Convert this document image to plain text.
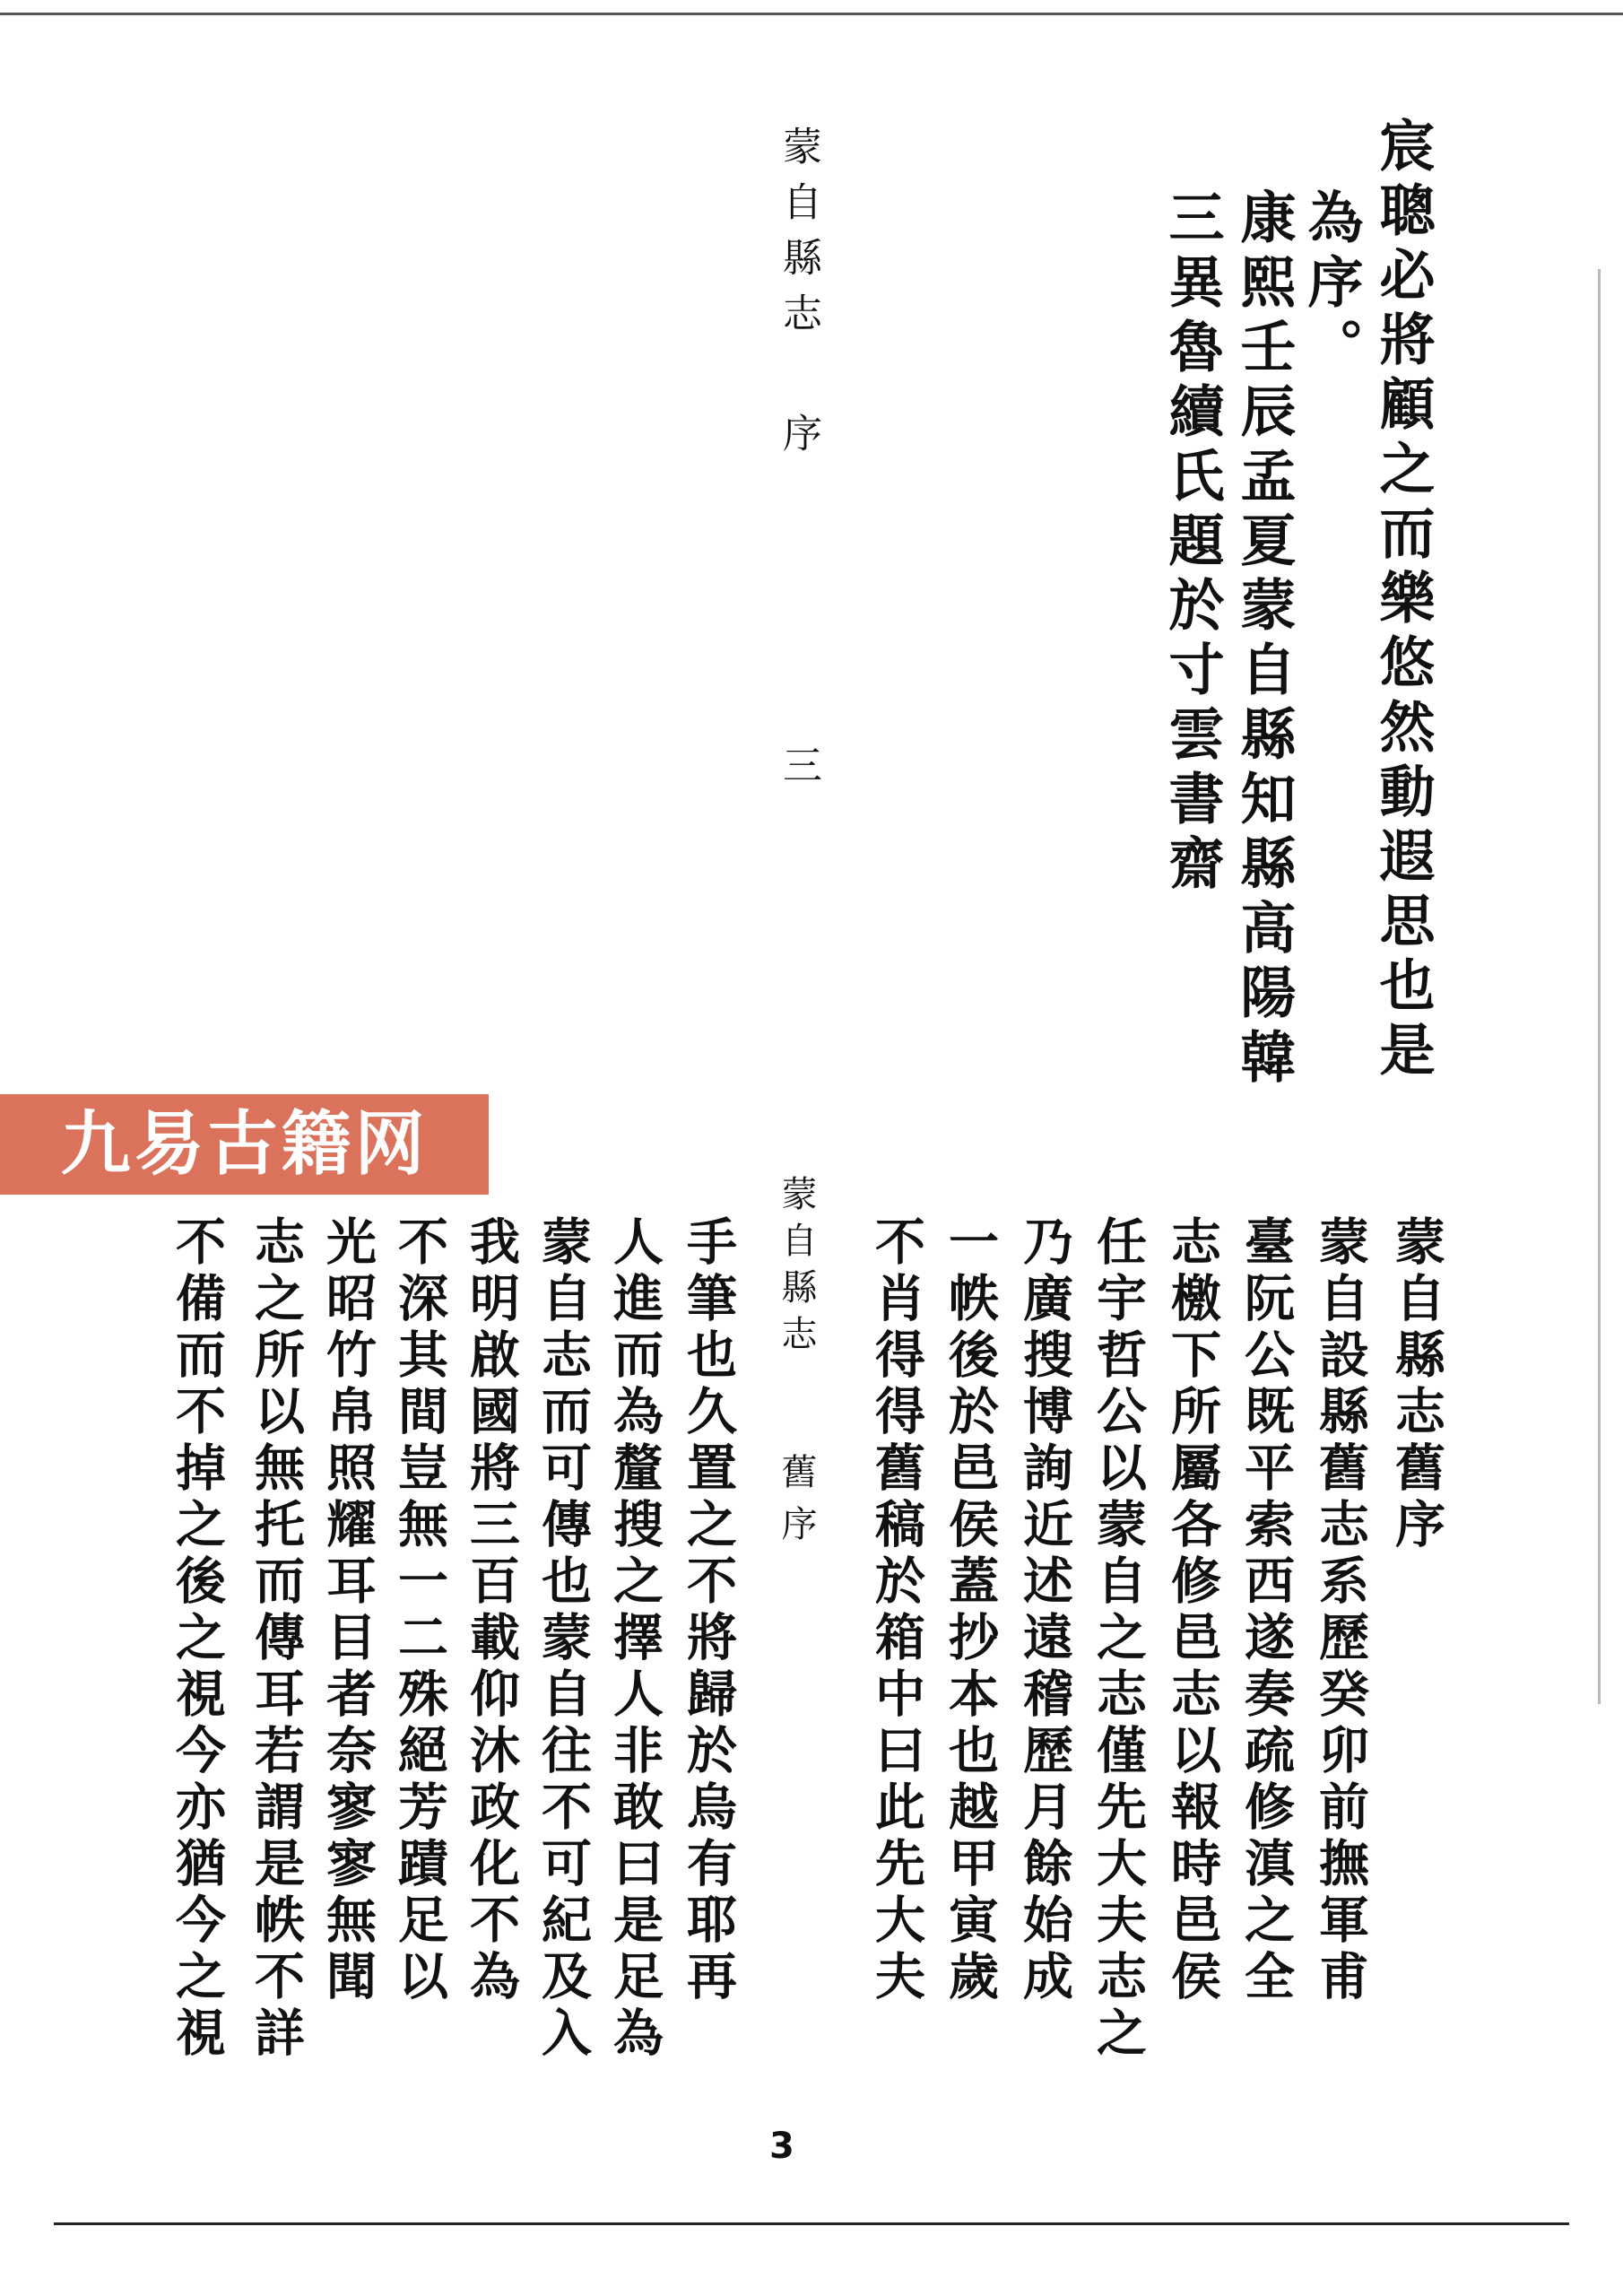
宸聰必將顧之而樂悠然動遐思也是
為序。
康熙壬辰孟夏蒙自縣知縣高陽韓
三異魯續氏題於寸雲書齋
蒙自縣志
序
三
蒙自縣志舊序
蒙自設縣舊志系歷癸卯前撫軍甫
臺阮公既平索西遂奏疏修滇之全
志檄下所屬各修邑志以報時邑侯
任宇哲公以蒙自之志僅先大夫志之
乃廣搜博詢近述遠稽歷月餘始成
一帙後於邑侯蓋抄本也越甲寅歲
不肖得得舊稿於箱中曰此先大夫
蒙自縣志
舊序
手筆也久置之不將歸於烏有耶再
人進而為釐搜之擇人非敢曰是足為
蒙自志而可傳也蒙自往不可紀及入
我明啟國將三百載仰沐政化不為
不深其間豈無一二殊絕芳蹟足以
光昭竹帛照耀耳目者奈寥寥無聞
志之所以無托而傳耳若謂是帙不詳
不備而不掉之後之視今亦猶今之視
九易古籍网
3
